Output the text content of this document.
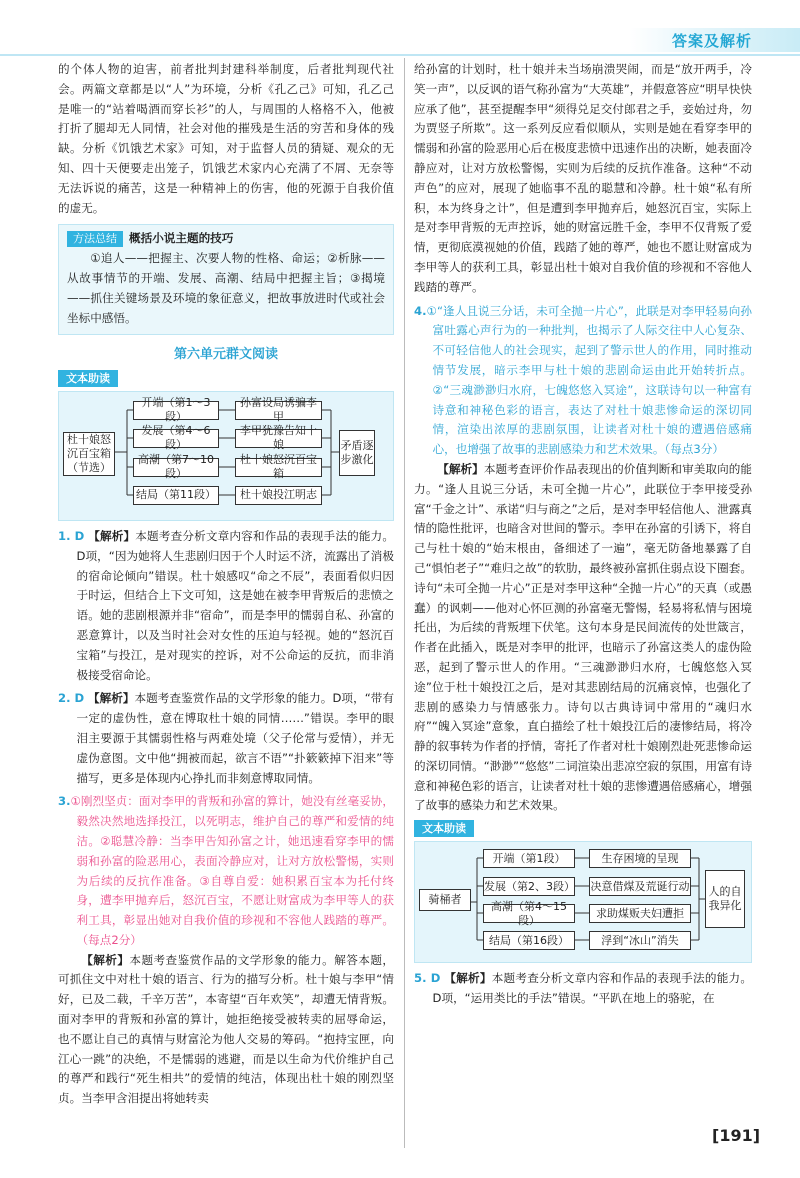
答案及解析

的个体人物的迫害，前者批判封建科举制度，后者批判现代社会。两篇文章都是以“人”为环境，分析《孔乙己》可知，孔乙己是唯一的“站着喝酒而穿长衫”的人，与周围的人格格不入，他被打折了腿却无人同情，社会对他的摧残是生活的穷苦和身体的残缺。分析《饥饿艺术家》可知，对于监督人员的猜疑、观众的无知、四十天便要走出笼子，饥饿艺术家内心充满了不屑、无奈等无法诉说的痛苦，这是一种精神上的伤害，他的死源于自我价值的虚无。

方法总结 概括小说主题的技巧

①追人——把握主、次要人物的性格、命运；②析脉——从故事情节的开端、发展、高潮、结局中把握主旨；③揭境——抓住关键场景及环境的象征意义，把故事放进时代或社会坐标中感悟。

第六单元群文阅读
文本助读
杜十娘怒沉百宝箱（节选）
开端（第1～3段）
发展（第4～6段）
高潮（第7～10段）
结局（第11段）
孙富设局诱骗李甲
李甲犹豫告知十娘
杜十娘怒沉百宝箱
杜十娘投江明志
矛盾逐步激化

1. D 【解析】本题考查分析文章内容和作品的表现手法的能力。D项，“因为她将人生悲剧归因于个人时运不济，流露出了消极的宿命论倾向”错误。杜十娘感叹“命之不辰”，表面看似归因于时运，但结合上下文可知，这是她在被李甲背叛后的悲愤之语。她的悲剧根源并非“宿命”，而是李甲的懦弱自私、孙富的恶意算计，以及当时社会对女性的压迫与轻视。她的“怒沉百宝箱”与投江，是对现实的控诉，对不公命运的反抗，而非消极接受宿命论。

2. D 【解析】本题考查鉴赏作品的文学形象的能力。D项，“带有一定的虚伪性，意在博取杜十娘的同情……”错误。李甲的眼泪主要源于其懦弱性格与两难处境（父子伦常与爱情），并无虚伪意图。文中他“拥被而起，欲言不语”“扑簌簌掉下泪来”等描写，更多是体现内心挣扎而非刻意博取同情。

3.①刚烈坚贞：面对李甲的背叛和孙富的算计，她没有丝毫妥协，毅然决然地选择投江，以死明志，维护自己的尊严和爱情的纯洁。②聪慧冷静：当李甲告知孙富之计，她迅速看穿李甲的懦弱和孙富的险恶用心，表面冷静应对，让对方放松警惕，实则为后续的反抗作准备。③自尊自爱：她积累百宝本为托付终身，遭李甲抛弃后，怒沉百宝，不愿让财富成为李甲等人的获利工具，彰显出她对自我价值的珍视和不容他人践踏的尊严。（每点2分）

【解析】本题考查鉴赏作品的文学形象的能力。解答本题，可抓住文中对杜十娘的语言、行为的描写分析。杜十娘与李甲“情好，已及二载，千辛万苦”，本寄望“百年欢笑”，却遭无情背叛。面对李甲的背叛和孙富的算计，她拒绝接受被转卖的屈辱命运，也不愿让自己的真情与财富沦为他人交易的筹码。“抱持宝匣，向江心一跳”的决绝，不是懦弱的逃避，而是以生命为代价维护自己的尊严和践行“死生相共”的爱情的纯洁，体现出杜十娘的刚烈坚贞。当李甲含泪提出将她转卖

给孙富的计划时，杜十娘并未当场崩溃哭闹，而是“放开两手，冷笑一声”，以反讽的语气称孙富为“大英雄”，并假意答应“明早快快应承了他”，甚至提醒李甲“须得兑足交付郎君之手，妾始过舟，勿为贾竖子所欺”。这一系列反应看似顺从，实则是她在看穿李甲的懦弱和孙富的险恶用心后在极度悲愤中迅速作出的决断，她表面冷静应对，让对方放松警惕，实则为后续的反抗作准备。这种“不动声色”的应对，展现了她临事不乱的聪慧和冷静。杜十娘“私有所积，本为终身之计”，但是遭到李甲抛弃后，她怒沉百宝，实际上是对李甲背叛的无声控诉，她的财富远胜千金，李甲不仅背叛了爱情，更彻底漠视她的价值，践踏了她的尊严，她也不愿让财富成为李甲等人的获利工具，彰显出杜十娘对自我价值的珍视和不容他人践踏的尊严。

4.①“逢人且说三分话，未可全抛一片心”，此联是对李甲轻易向孙富吐露心声行为的一种批判，也揭示了人际交往中人心复杂、不可轻信他人的社会现实，起到了警示世人的作用，同时推动情节发展，暗示李甲与杜十娘的悲剧命运由此开始转折点。②“三魂渺渺归水府，七魄悠悠入冥途”，这联诗句以一种富有诗意和神秘色彩的语言，表达了对杜十娘悲惨命运的深切同情，渲染出浓厚的悲剧氛围，让读者对杜十娘的遭遇倍感痛心，也增强了故事的悲剧感染力和艺术效果。（每点3分）

【解析】本题考查评价作品表现出的价值判断和审美取向的能力。“逢人且说三分话，未可全抛一片心”，此联位于李甲接受孙富“千金之计”、承诺“归与商之”之后，是对李甲轻信他人、泄露真情的隐性批评，也暗含对世间的警示。李甲在孙富的引诱下，将自己与杜十娘的“始末根由，备细述了一遍”，毫无防备地暴露了自己“惧怕老子”“难归之故”的软肋，最终被孙富抓住弱点设下圈套。诗句“未可全抛一片心”正是对李甲这种“全抛一片心”的天真（或愚蠢）的讽刺——他对心怀叵测的孙富毫无警惕，轻易将私情与困境托出，为后续的背叛埋下伏笔。这句本身是民间流传的处世箴言，作者在此插入，既是对李甲的批评，也暗示了孙富这类人的虚伪险恶，起到了警示世人的作用。“三魂渺渺归水府，七魄悠悠入冥途”位于杜十娘投江之后，是对其悲剧结局的沉痛哀悼，也强化了悲剧的感染力与情感张力。诗句以古典诗词中常用的“魂归水府”“魄入冥途”意象，直白描绘了杜十娘投江后的凄惨结局，将冷静的叙事转为作者的抒情，寄托了作者对杜十娘刚烈赴死悲惨命运的深切同情。“渺渺”“悠悠”二词渲染出悲凉空寂的氛围，用富有诗意和神秘色彩的语言，让读者对杜十娘的悲惨遭遇倍感痛心，增强了故事的感染力和艺术效果。

文本助读
骑桶者
开端（第1段）
发展（第2、3段）
高潮（第4～15段）
结局（第16段）
生存困境的呈现
决意借煤及荒诞行动
求助煤贩夫妇遭拒
浮到“冰山”消失
人的自我异化

5. D 【解析】本题考查分析文章内容和作品的表现手法的能力。D项，“运用类比的手法”错误。“平趴在地上的骆驼，在

[191]
